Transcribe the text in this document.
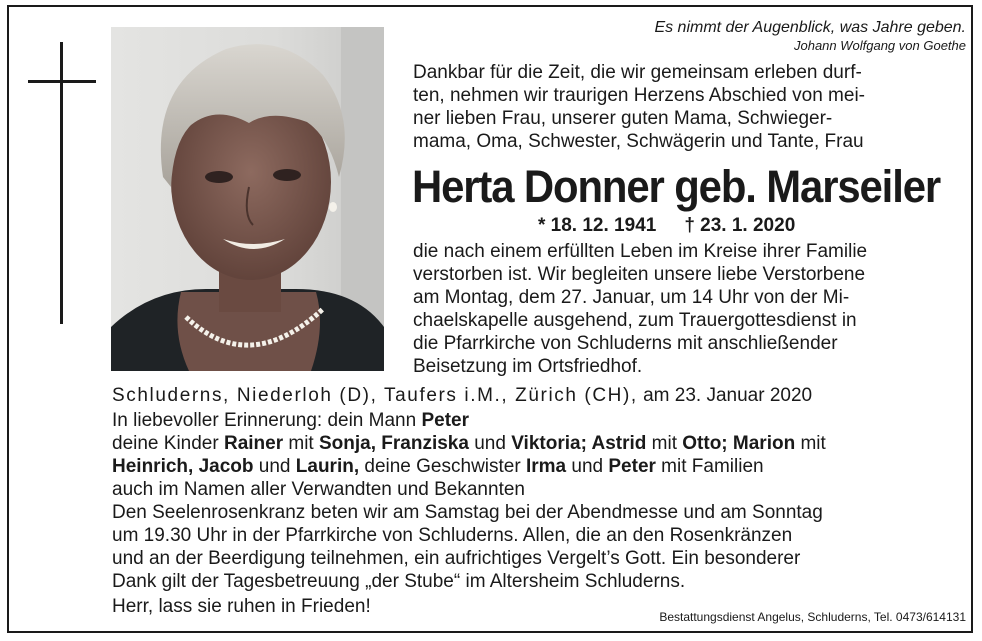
Es nimmt der Augenblick, was Jahre geben.
Johann Wolfgang von Goethe

Dankbar für die Zeit, die wir gemeinsam erleben durf-
ten, nehmen wir traurigen Herzens Abschied von mei-
ner lieben Frau, unserer guten Mama, Schwieger-
mama, Oma, Schwester, Schwägerin und Tante, Frau

Herta Donner geb. Marseiler
* 18. 12. 1941 † 23. 1. 2020

die nach einem erfüllten Leben im Kreise ihrer Familie
verstorben ist. Wir begleiten unsere liebe Verstorbene
am Montag, dem 27. Januar, um 14 Uhr von der Mi-
chaelskapelle ausgehend, zum Trauergottesdienst in
die Pfarrkirche von Schluderns mit anschließender
Beisetzung im Ortsfriedhof.

Schluderns, Niederloh (D), Taufers i.M., Zürich (CH), am 23. Januar 2020
In liebevoller Erinnerung: dein Mann Peter
deine Kinder Rainer mit Sonja, Franziska und Viktoria; Astrid mit Otto; Marion mit
Heinrich, Jacob und Laurin, deine Geschwister Irma und Peter mit Familien
auch im Namen aller Verwandten und Bekannten
Den Seelenrosenkranz beten wir am Samstag bei der Abendmesse und am Sonntag
um 19.30 Uhr in der Pfarrkirche von Schluderns. Allen, die an den Rosenkränzen
und an der Beerdigung teilnehmen, ein aufrichtiges Vergelt’s Gott. Ein besonderer
Dank gilt der Tagesbetreuung „der Stube“ im Altersheim Schluderns.
Herr, lass sie ruhen in Frieden!	Bestattungsdienst Angelus, Schluderns, Tel. 0473/614131
